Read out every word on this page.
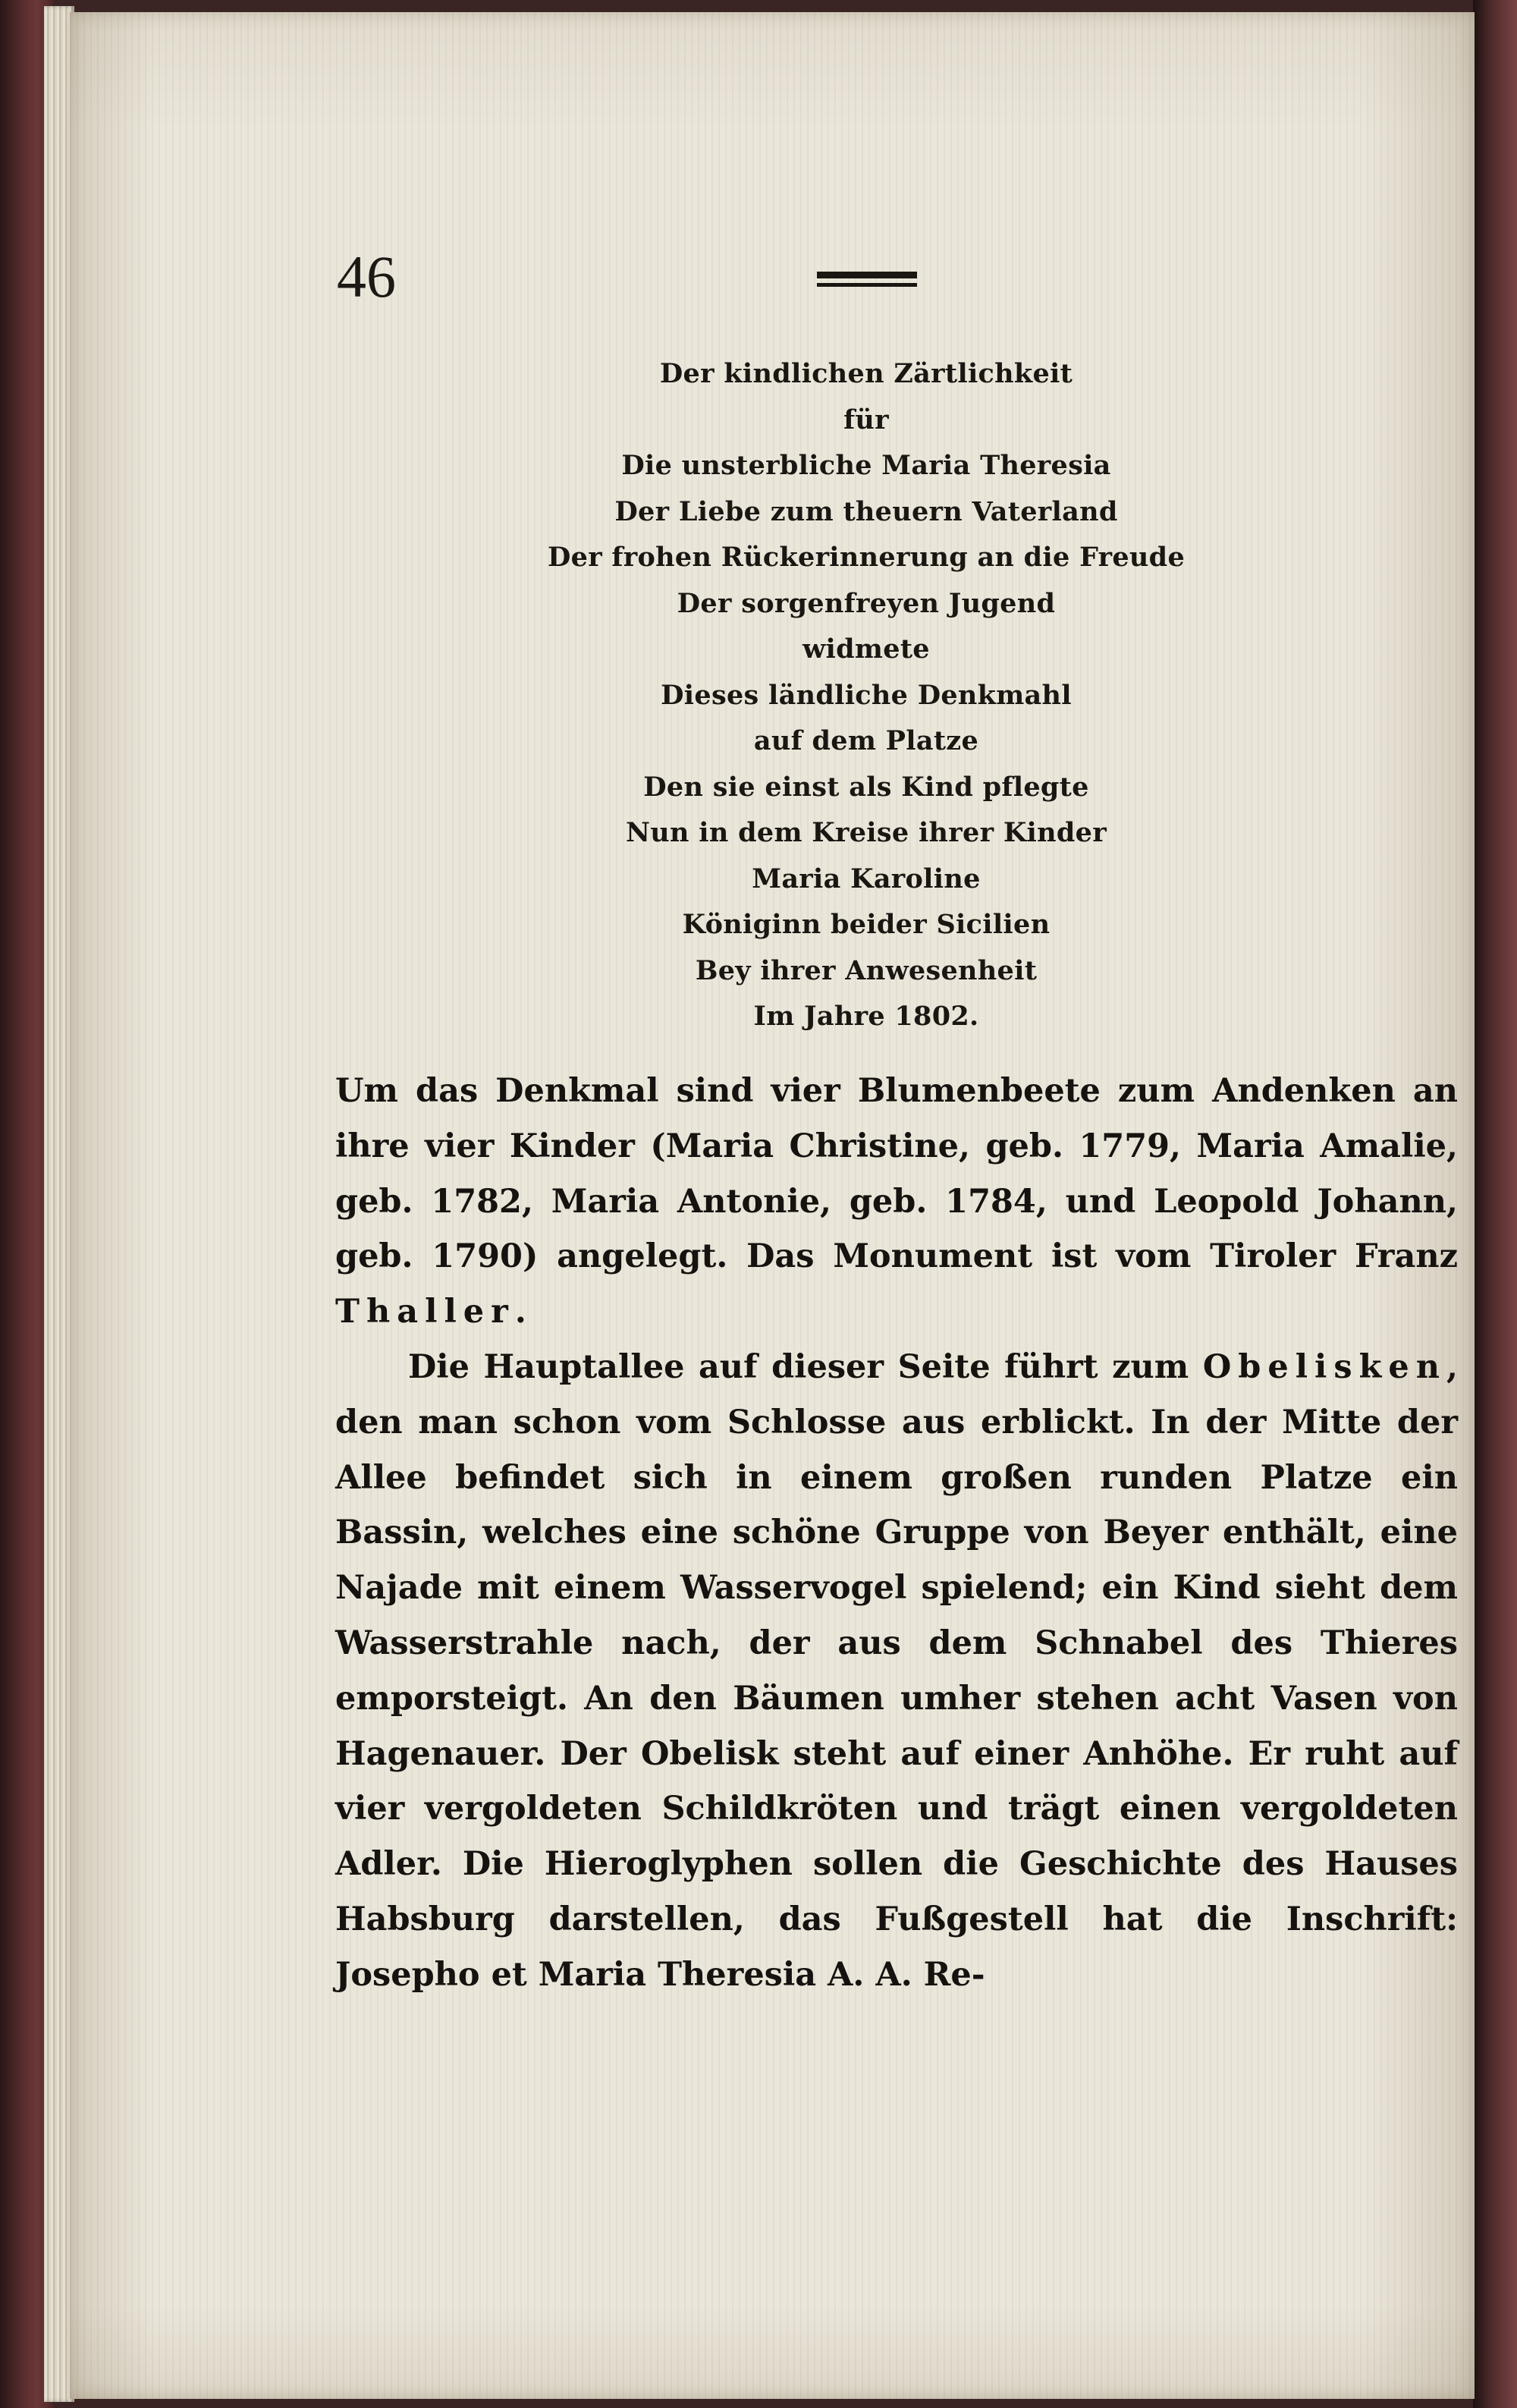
46
Der kindlichen Zärtlichkeit
für
Die unsterbliche Maria Theresia
Der Liebe zum theuern Vaterland
Der frohen Rückerinnerung an die Freude
Der sorgenfreyen Jugend
widmete
Dieses ländliche Denkmahl
auf dem Platze
Den sie einst als Kind pflegte
Nun in dem Kreise ihrer Kinder
Maria Karoline
Königinn beider Sicilien
Bey ihrer Anwesenheit
Im Jahre 1802.

Um das Denkmal sind vier Blumenbeete zum Andenken an ihre vier Kinder (Maria Christine, geb. 1779, Maria Amalie, geb. 1782, Maria Antonie, geb. 1784, und Leopold Johann, geb. 1790) angelegt. Das Monument ist vom Tiroler Franz Thaller.

Die Hauptallee auf dieser Seite führt zum Obelisken, den man schon vom Schlosse aus erblickt. In der Mitte der Allee befindet sich in einem großen runden Platze ein Bassin, welches eine schöne Gruppe von Beyer enthält, eine Najade mit einem Wasservogel spielend; ein Kind sieht dem Wasserstrahle nach, der aus dem Schnabel des Thieres emporsteigt. An den Bäumen umher stehen acht Vasen von Hagenauer. Der Obelisk steht auf einer Anhöhe. Er ruht auf vier vergoldeten Schildkröten und trägt einen vergoldeten Adler. Die Hieroglyphen sollen die Geschichte des Hauses Habsburg darstellen, das Fußgestell hat die Inschrift: Josepho et Maria Theresia A. A. Re-
